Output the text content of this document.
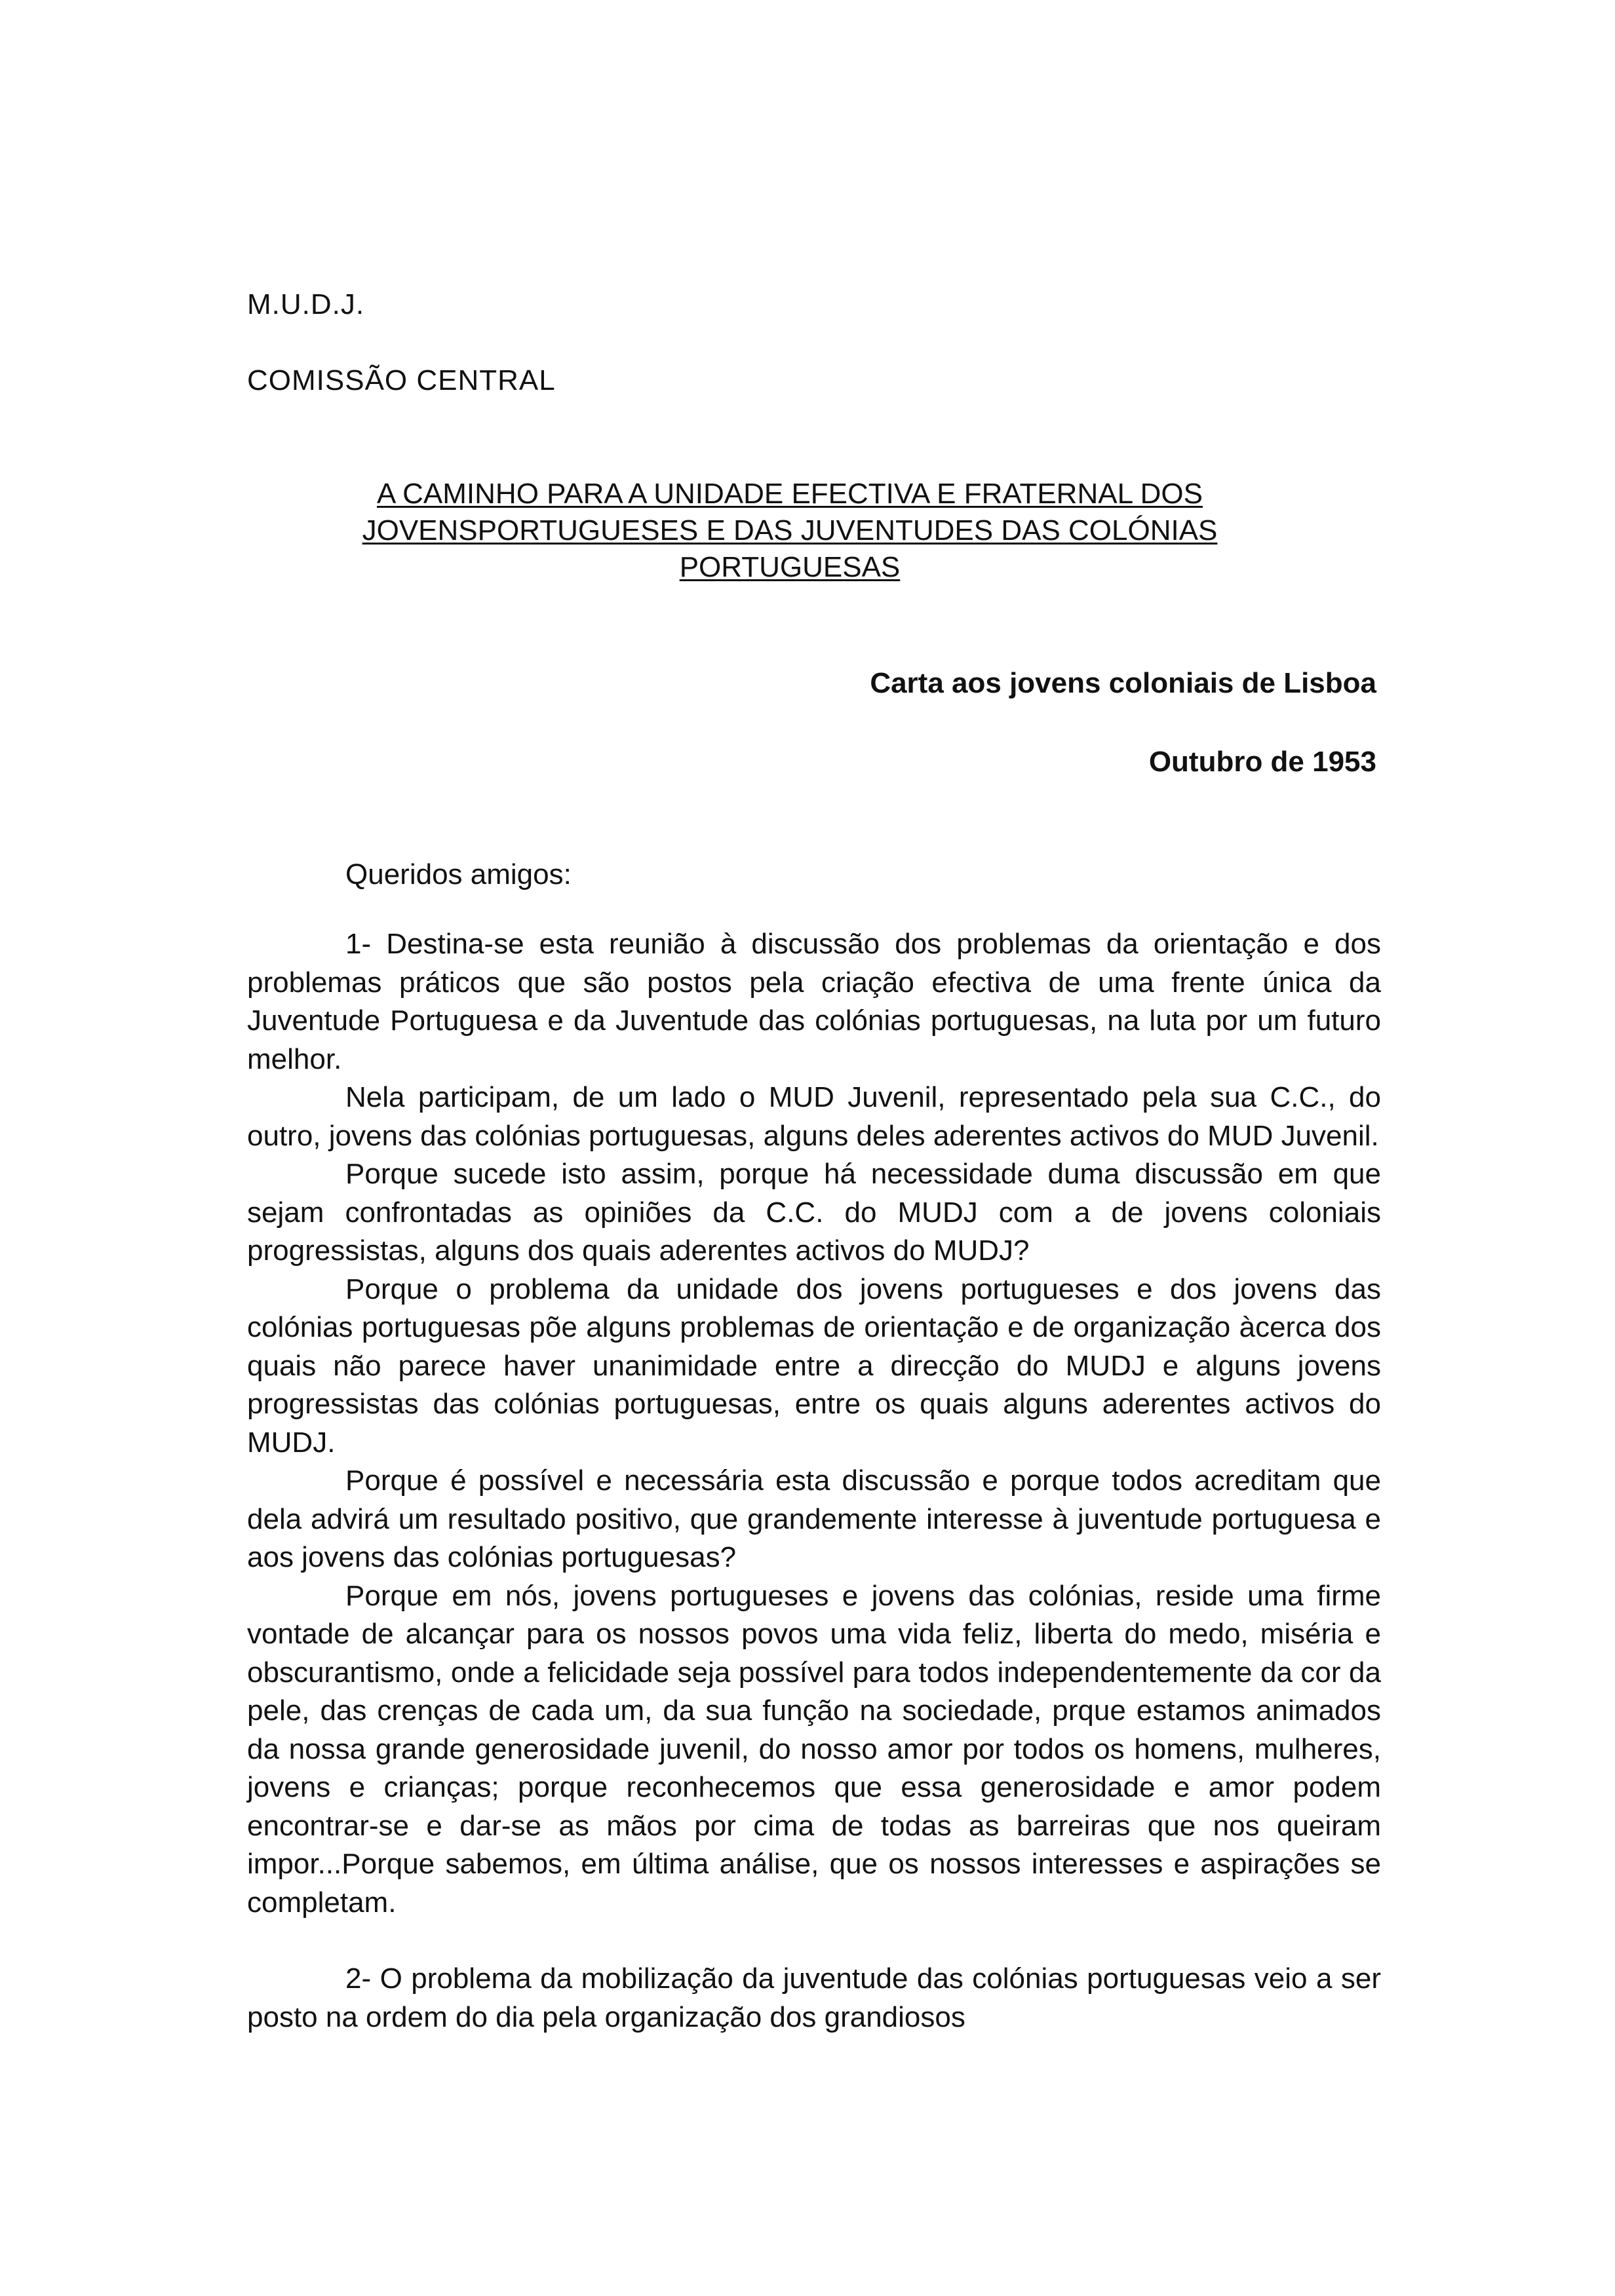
M.U.D.J.
COMISSÃO CENTRAL
A CAMINHO PARA A UNIDADE EFECTIVA E FRATERNAL DOS
JOVENSPORTUGUESES E DAS JUVENTUDES DAS COLÓNIAS
PORTUGUESAS
Carta aos jovens coloniais de Lisboa
Outubro de 1953
Queridos amigos:

1- Destina-se esta reunião à discussão dos problemas da orientação e dos problemas práticos que são postos pela criação efectiva de uma frente única da Juventude Portuguesa e da Juventude das colónias portuguesas, na luta por um futuro melhor.

Nela participam, de um lado o MUD Juvenil, representado pela sua C.C., do outro, jovens das colónias portuguesas, alguns deles aderentes activos do MUD Juvenil.

Porque sucede isto assim, porque há necessidade duma discussão em que sejam confrontadas as opiniões da C.C. do MUDJ com a de jovens coloniais progressistas, alguns dos quais aderentes activos do MUDJ?

Porque o problema da unidade dos jovens portugueses e dos jovens das colónias portuguesas põe alguns problemas de orientação e de organização àcerca dos quais não parece haver unanimidade entre a direcção do MUDJ e alguns jovens progressistas das colónias portuguesas, entre os quais alguns aderentes activos do MUDJ.

Porque é possível e necessária esta discussão e porque todos acreditam que dela advirá um resultado positivo, que grandemente interesse à juventude portuguesa e aos jovens das colónias portuguesas?

Porque em nós, jovens portugueses e jovens das colónias, reside uma firme vontade de alcançar para os nossos povos uma vida feliz, liberta do medo, miséria e obscurantismo, onde a felicidade seja possível para todos independentemente da cor da pele, das crenças de cada um, da sua função na sociedade, prque estamos animados da nossa grande generosidade juvenil, do nosso amor por todos os homens, mulheres, jovens e crianças; porque reconhecemos que essa generosidade e amor podem encontrar-se e dar-se as mãos por cima de todas as barreiras que nos queiram impor...Porque sabemos, em última análise, que os nossos interesses e aspirações se completam.

2- O problema da mobilização da juventude das colónias portuguesas veio a ser posto na ordem do dia pela organização dos grandiosos
